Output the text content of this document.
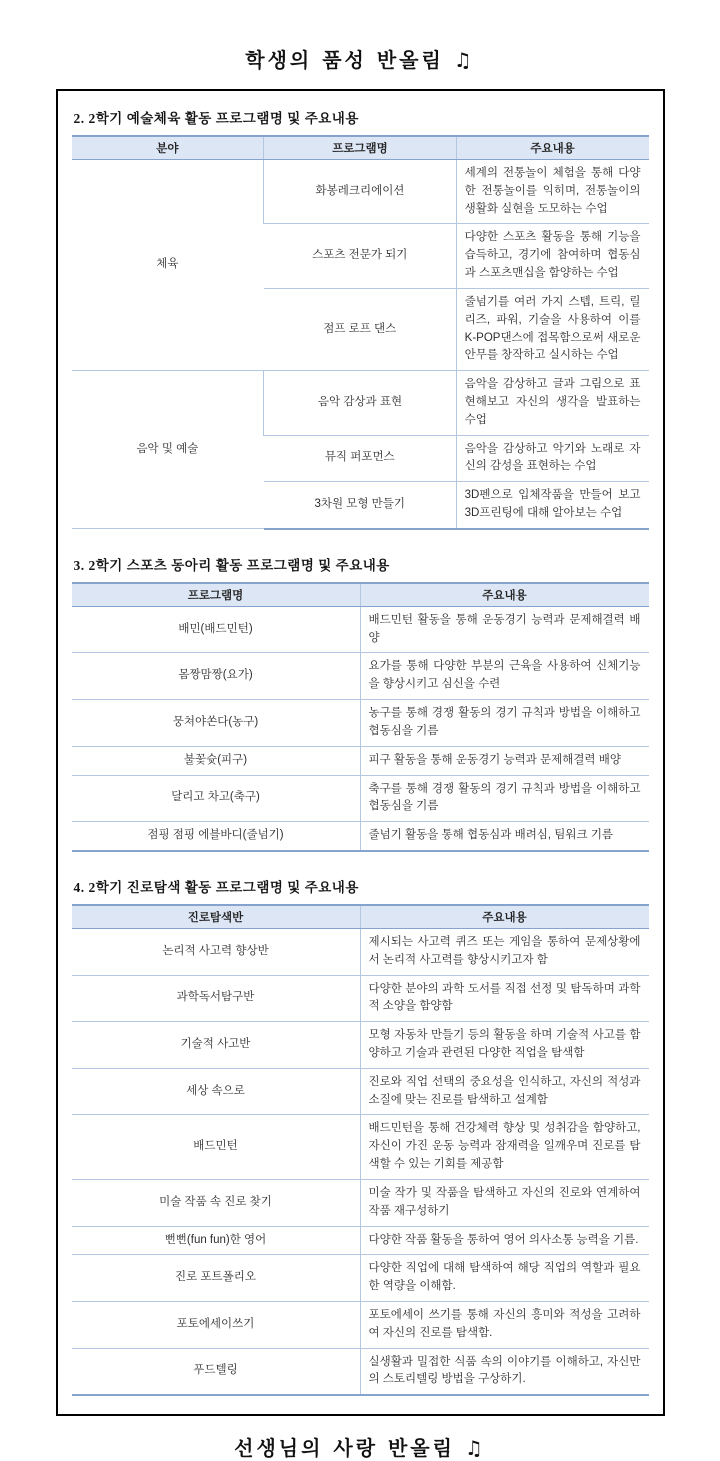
학생의 품성 반올림 ♫
2. 2학기 예술체육 활동 프로그램명 및 주요내용
분야	프로그램명	주요내용
체육	화봉레크리에이션	세계의 전통놀이 체험을 통해 다양한 전통놀이를 익히며, 전통놀이의 생활화 실현을 도모하는 수업
	스포츠 전문가 되기	다양한 스포츠 활동을 통해 기능을 습득하고, 경기에 참여하며 협동심과 스포츠맨십을 함양하는 수업
	점프 로프 댄스	줄넘기를 여러 가지 스텝, 트릭, 릴리즈, 파워, 기술을 사용하여 이를 K-POP댄스에 접목함으로써 새로운 안무를 창작하고 실시하는 수업
음악 및 예술	음악 감상과 표현	음악을 감상하고 글과 그림으로 표현해보고 자신의 생각을 발표하는 수업
	뮤직 퍼포먼스	음악을 감상하고 악기와 노래로 자신의 감성을 표현하는 수업
	3차원 모형 만들기	3D펜으로 입체작품을 만들어 보고 3D프린팅에 대해 알아보는 수업
3. 2학기 스포츠 동아리 활동 프로그램명 및 주요내용
프로그램명	주요내용
배민(배드민턴)	배드민턴 활동을 통해 운동경기 능력과 문제해결력 배양
몸짱맘짱(요가)	요가를 통해 다양한 부분의 근육을 사용하여 신체기능을 향상시키고 심신을 수련
뭉쳐야쏜다(농구)	농구를 통해 경쟁 활동의 경기 규칙과 방법을 이해하고 협동심을 기름
불꽃슛(피구)	피구 활동을 통해 운동경기 능력과 문제해결력 배양
달리고 차고(축구)	축구를 통해 경쟁 활동의 경기 규칙과 방법을 이해하고 협동심을 기름
점핑 점핑 에블바디(줄넘기)	줄넘기 활동을 통해 협동심과 배려심, 팀워크 기름
4. 2학기 진로탐색 활동 프로그램명 및 주요내용
진로탐색반	주요내용
논리적 사고력 향상반	제시되는 사고력 퀴즈 또는 게임을 통하여 문제상황에서 논리적 사고력를 향상시키고자 함
과학독서탐구반	다양한 분야의 과학 도서를 직접 선정 및 탐독하며 과학적 소양을 함양함
기술적 사고반	모형 자동차 만들기 등의 활동을 하며 기술적 사고를 함양하고 기술과 관련된 다양한 직업을 탐색함
세상 속으로	진로와 직업 선택의 중요성을 인식하고, 자신의 적성과 소질에 맞는 진로를 탐색하고 설계함
배드민턴	배드민턴을 통해 건강체력 향상 및 성취감을 함양하고, 자신이 가진 운동 능력과 잠재력을 일깨우며 진로를 탐색할 수 있는 기회를 제공함
미술 작품 속 진로 찾기	미술 작가 및 작품을 탐색하고 자신의 진로와 연계하여 작품 재구성하기
뻔뻔(fun fun)한 영어	다양한 작품 활동을 통하여 영어 의사소통 능력을 기름.
진로 포트폴리오	다양한 직업에 대해 탐색하여 해당 직업의 역할과 필요한 역량을 이해함.
포토에세이쓰기	포토에세이 쓰기를 통해 자신의 흥미와 적성을 고려하여 자신의 진로를 탐색함.
푸드텔링	실생활과 밀접한 식품 속의 이야기를 이해하고, 자신만의 스토리텔링 방법을 구상하기.
선생님의 사랑 반올림 ♫
